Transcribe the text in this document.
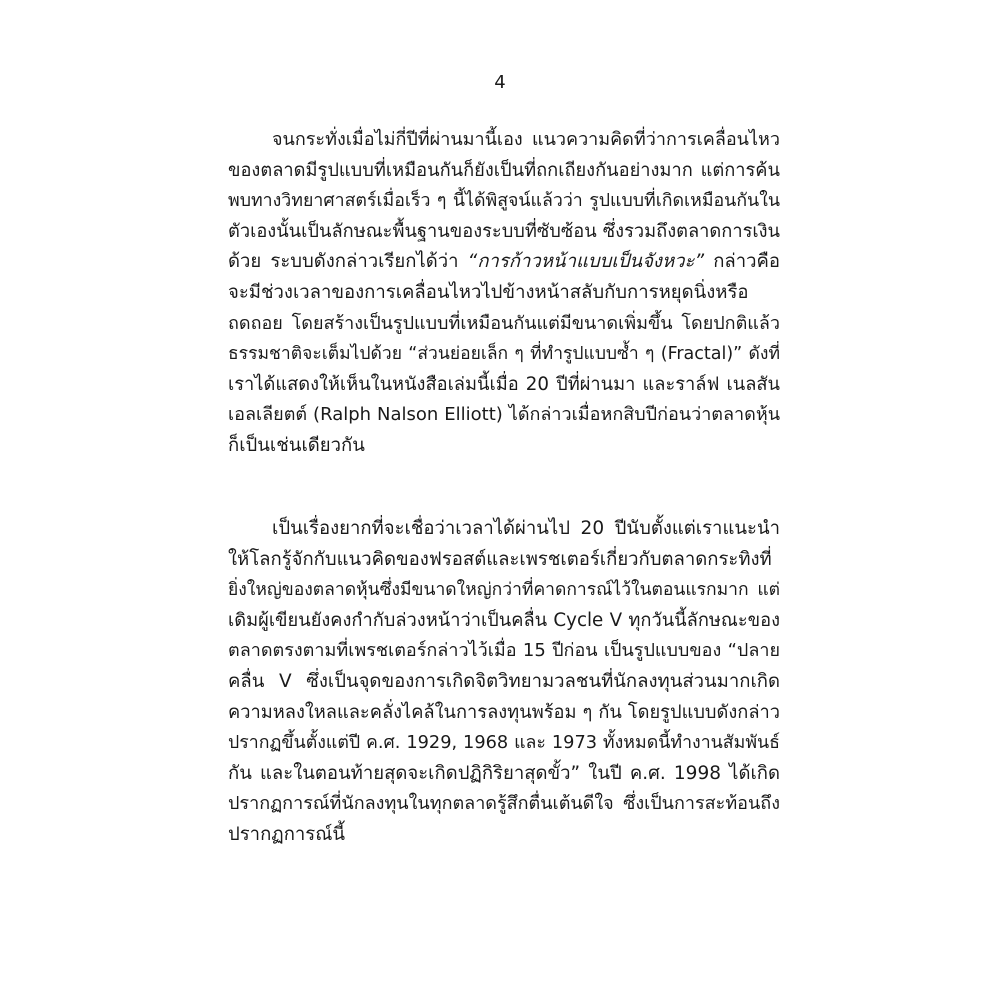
4
จนกระทั่งเมื่อไม่กี่ปีที่ผ่านมานี้เอง แนวความคิดที่ว่าการเคลื่อนไหว
ของตลาดมีรูปแบบที่เหมือนกันก็ยังเป็นที่ถกเถียงกันอย่างมาก แต่การค้น
พบทางวิทยาศาสตร์เมื่อเร็ว ๆ นี้ได้พิสูจน์แล้วว่า รูปแบบที่เกิดเหมือนกันใน
ตัวเองนั้นเป็นลักษณะพื้นฐานของระบบที่ซับซ้อน ซึ่งรวมถึงตลาดการเงิน
ด้วย ระบบดังกล่าวเรียกได้ว่า “การก้าวหน้าแบบเป็นจังหวะ” กล่าวคือ
จะมีช่วงเวลาของการเคลื่อนไหวไปข้างหน้าสลับกับการหยุดนิ่งหรือ
ถดถอย โดยสร้างเป็นรูปแบบที่เหมือนกันแต่มีขนาดเพิ่มขึ้น โดยปกติแล้ว
ธรรมชาติจะเต็มไปด้วย “ส่วนย่อยเล็ก ๆ ที่ทำรูปแบบซ้ำ ๆ (Fractal)” ดังที่
เราได้แสดงให้เห็นในหนังสือเล่มนี้เมื่อ 20 ปีที่ผ่านมา และราล์ฟ เนลสัน
เอลเลียตต์ (Ralph Nalson Elliott) ได้กล่าวเมื่อหกสิบปีก่อนว่าตลาดหุ้น
ก็เป็นเช่นเดียวกัน
เป็นเรื่องยากที่จะเชื่อว่าเวลาได้ผ่านไป 20 ปีนับตั้งแต่เราแนะนำ
ให้โลกรู้จักกับแนวคิดของฟรอสต์และเพรชเตอร์เกี่ยวกับตลาดกระทิงที่
ยิ่งใหญ่ของตลาดหุ้นซึ่งมีขนาดใหญ่กว่าที่คาดการณ์ไว้ในตอนแรกมาก แต่
เดิมผู้เขียนยังคงกำกับล่วงหน้าว่าเป็นคลื่น Cycle V ทุกวันนี้ลักษณะของ
ตลาดตรงตามที่เพรชเตอร์กล่าวไว้เมื่อ 15 ปีก่อน เป็นรูปแบบของ “ปลาย
คลื่น V ซึ่งเป็นจุดของการเกิดจิตวิทยามวลชนที่นักลงทุนส่วนมากเกิด
ความหลงใหลและคลั่งไคล้ในการลงทุนพร้อม ๆ กัน โดยรูปแบบดังกล่าว
ปรากฏขึ้นตั้งแต่ปี ค.ศ. 1929, 1968 และ 1973 ทั้งหมดนี้ทำงานสัมพันธ์
กัน และในตอนท้ายสุดจะเกิดปฏิกิริยาสุดขั้ว” ในปี ค.ศ. 1998 ได้เกิด
ปรากฏการณ์ที่นักลงทุนในทุกตลาดรู้สึกตื่นเต้นดีใจ ซึ่งเป็นการสะท้อนถึง
ปรากฏการณ์นี้
